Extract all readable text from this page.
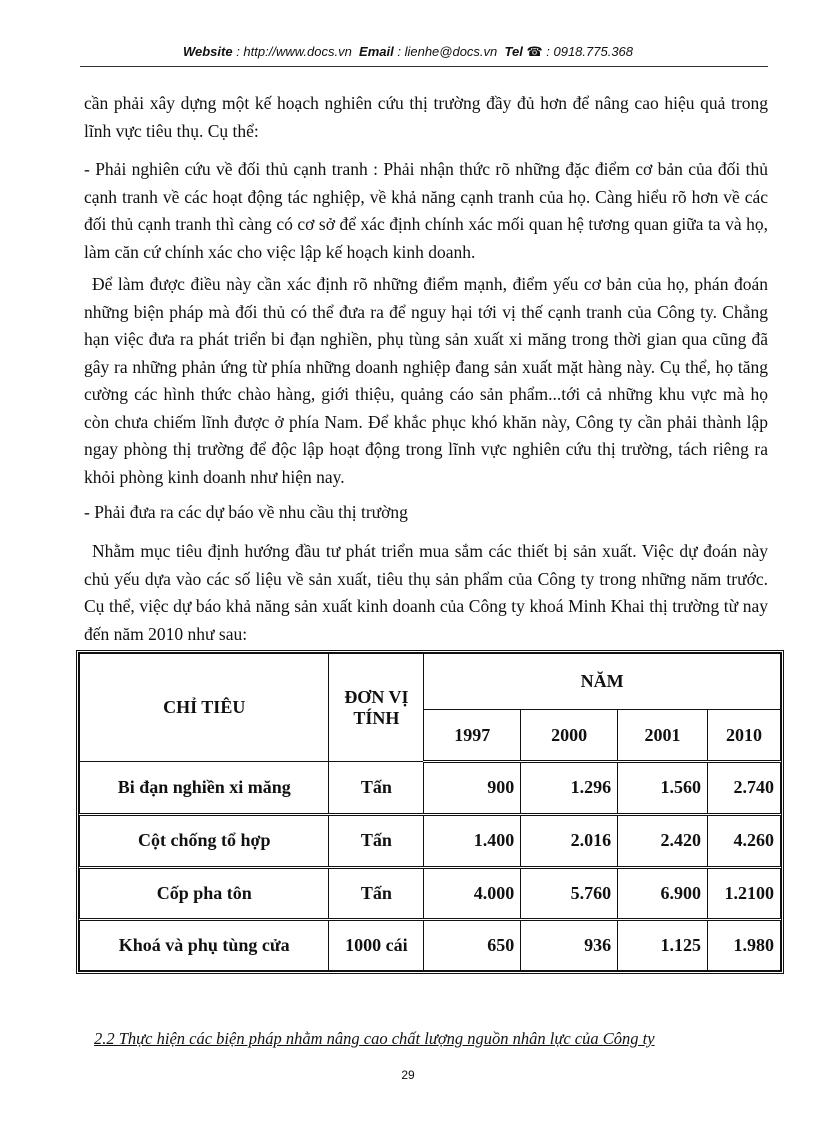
Website : http://www.docs.vn Email : lienhe@docs.vn Tel ☎ : 0918.775.368

cần phải xây dựng một kế hoạch nghiên cứu thị trường đầy đủ hơn để nâng cao hiệu quả trong lĩnh vực tiêu thụ. Cụ thể:

- Phải nghiên cứu về đối thủ cạnh tranh : Phải nhận thức rõ những đặc điểm cơ bản của đối thủ cạnh tranh về các hoạt động tác nghiệp, về khả năng cạnh tranh của họ. Càng hiểu rõ hơn về các đối thủ cạnh tranh thì càng có cơ sở để xác định chính xác mối quan hệ tương quan giữa ta và họ, làm căn cứ chính xác cho việc lập kế hoạch kinh doanh.

Để làm được điều này cần xác định rõ những điểm mạnh, điểm yếu cơ bản của họ, phán đoán những biện pháp mà đối thủ có thể đưa ra để nguy hại tới vị thế cạnh tranh của Công ty. Chẳng hạn việc đưa ra phát triển bi đạn nghiền, phụ tùng sản xuất xi măng trong thời gian qua cũng đã gây ra những phản ứng từ phía những doanh nghiệp đang sản xuất mặt hàng này. Cụ thể, họ tăng cường các hình thức chào hàng, giới thiệu, quảng cáo sản phẩm...tới cả những khu vực mà họ còn chưa chiếm lĩnh được ở phía Nam. Để khắc phục khó khăn này, Công ty cần phải thành lập ngay phòng thị trường để độc lập hoạt động trong lĩnh vực nghiên cứu thị trường, tách riêng ra khỏi phòng kinh doanh như hiện nay.

- Phải đưa ra các dự báo về nhu cầu thị trường

Nhằm mục tiêu định hướng đầu tư phát triển mua sắm các thiết bị sản xuất. Việc dự đoán này chủ yếu dựa vào các số liệu về sản xuất, tiêu thụ sản phẩm của Công ty trong những năm trước. Cụ thể, việc dự báo khả năng sản xuất kinh doanh của Công ty khoá Minh Khai thị trường từ nay đến năm 2010 như sau:

CHỈ TIÊU	ĐƠN VỊ TÍNH	NĂM			
		1997	2000	2001	2010
Bi đạn nghiền xi măng	Tấn	900	1.296	1.560	2.740
Cột chống tổ hợp	Tấn	1.400	2.016	2.420	4.260
Cốp pha tôn	Tấn	4.000	5.760	6.900	1.2100
Khoá và phụ tùng cửa	1000 cái	650	936	1.125	1.980
2.2 Thực hiện các biện pháp nhằm nâng cao chất lượng nguồn nhân lực của Công ty
29
